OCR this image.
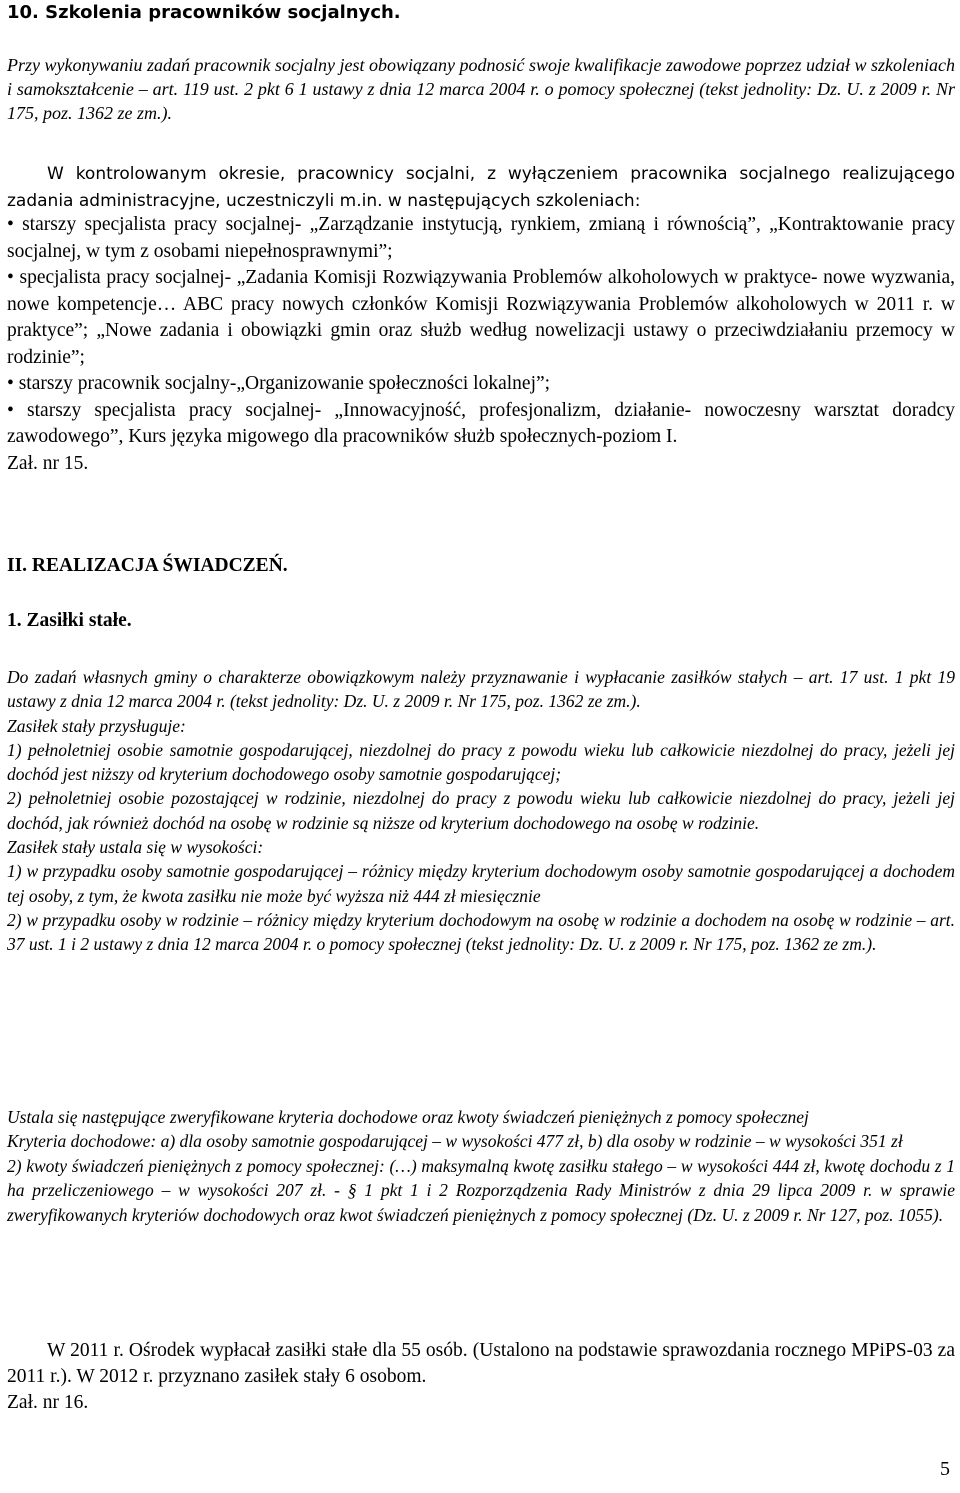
10. Szkolenia pracowników socjalnych.

Przy wykonywaniu zadań pracownik socjalny jest obowiązany podnosić swoje kwalifikacje zawodowe poprzez udział w szkoleniach i samokształcenie – art. 119 ust. 2 pkt 6 1 ustawy z dnia 12 marca 2004 r. o pomocy społecznej (tekst jednolity: Dz. U. z 2009 r. Nr 175, poz. 1362 ze zm.).

W kontrolowanym okresie, pracownicy socjalni, z wyłączeniem pracownika socjalnego realizującego zadania administracyjne, uczestniczyli m.in. w następujących szkoleniach:

• starszy specjalista pracy socjalnej- „Zarządzanie instytucją, rynkiem, zmianą i równością”, „Kontraktowanie pracy socjalnej, w tym z osobami niepełnosprawnymi”;

• specjalista pracy socjalnej- „Zadania Komisji Rozwiązywania Problemów alkoholowych w praktyce- nowe wyzwania, nowe kompetencje… ABC pracy nowych członków Komisji Rozwiązywania Problemów alkoholowych w 2011 r. w praktyce”; „Nowe zadania i obowiązki gmin oraz służb według nowelizacji ustawy o przeciwdziałaniu przemocy w rodzinie”;

• starszy pracownik socjalny-„Organizowanie społeczności lokalnej”;

• starszy specjalista pracy socjalnej- „Innowacyjność, profesjonalizm, działanie- nowoczesny warsztat doradcy zawodowego”, Kurs języka migowego dla pracowników służb społecznych-poziom I.

Zał. nr 15.

II. REALIZACJA ŚWIADCZEŃ.
1. Zasiłki stałe.

Do zadań własnych gminy o charakterze obowiązkowym należy przyznawanie i wypłacanie zasiłków stałych – art. 17 ust. 1 pkt 19 ustawy z dnia 12 marca 2004 r. (tekst jednolity: Dz. U. z 2009 r. Nr 175, poz. 1362 ze zm.).

Zasiłek stały przysługuje:

1) pełnoletniej osobie samotnie gospodarującej, niezdolnej do pracy z powodu wieku lub całkowicie niezdolnej do pracy, jeżeli jej dochód jest niższy od kryterium dochodowego osoby samotnie gospodarującej;

2) pełnoletniej osobie pozostającej w rodzinie, niezdolnej do pracy z powodu wieku lub całkowicie niezdolnej do pracy, jeżeli jej dochód, jak również dochód na osobę w rodzinie są niższe od kryterium dochodowego na osobę w rodzinie.

Zasiłek stały ustala się w wysokości:

1) w przypadku osoby samotnie gospodarującej – różnicy między kryterium dochodowym osoby samotnie gospodarującej a dochodem tej osoby, z tym, że kwota zasiłku nie może być wyższa niż 444 zł miesięcznie

2) w przypadku osoby w rodzinie – różnicy między kryterium dochodowym na osobę w rodzinie a dochodem na osobę w rodzinie – art. 37 ust. 1 i 2 ustawy z dnia 12 marca 2004 r. o pomocy społecznej (tekst jednolity: Dz. U. z 2009 r. Nr 175, poz. 1362 ze zm.).

Ustala się następujące zweryfikowane kryteria dochodowe oraz kwoty świadczeń pieniężnych z pomocy społecznej

Kryteria dochodowe: a) dla osoby samotnie gospodarującej – w wysokości 477 zł, b) dla osoby w rodzinie – w wysokości 351 zł

2) kwoty świadczeń pieniężnych z pomocy społecznej: (…) maksymalną kwotę zasiłku stałego – w wysokości 444 zł, kwotę dochodu z 1 ha przeliczeniowego – w wysokości 207 zł. - § 1 pkt 1 i 2 Rozporządzenia Rady Ministrów z dnia 29 lipca 2009 r. w sprawie zweryfikowanych kryteriów dochodowych oraz kwot świadczeń pieniężnych z pomocy społecznej (Dz. U. z 2009 r. Nr 127, poz. 1055).

W 2011 r. Ośrodek wypłacał zasiłki stałe dla 55 osób. (Ustalono na podstawie sprawozdania rocznego MPiPS-03 za 2011 r.). W 2012 r. przyznano zasiłek stały 6 osobom.

Zał. nr 16.

5
